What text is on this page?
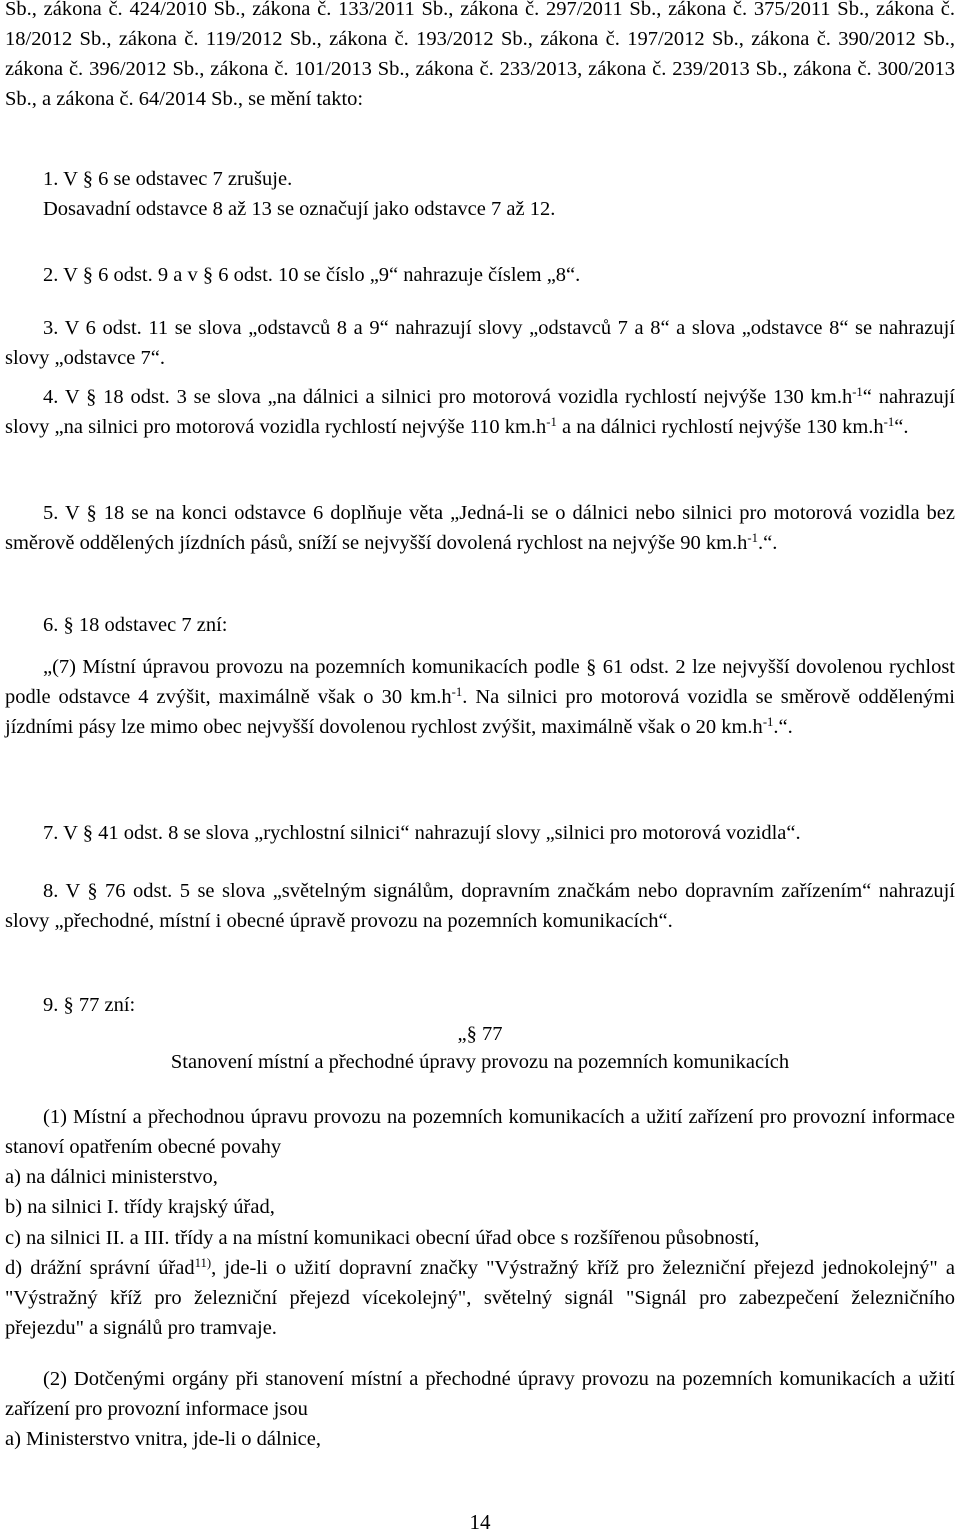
Sb., zákona č. 424/2010 Sb., zákona č. 133/2011 Sb., zákona č. 297/2011 Sb., zákona č. 375/2011 Sb., zákona č. 18/2012 Sb., zákona č. 119/2012 Sb., zákona č. 193/2012 Sb., zákona č. 197/2012 Sb., zákona č. 390/2012 Sb., zákona č. 396/2012 Sb., zákona č. 101/2013 Sb., zákona č. 233/2013, zákona č. 239/2013 Sb., zákona č. 300/2013 Sb., a zákona č. 64/2014 Sb., se mění takto:

1. V § 6 se odstavec 7 zrušuje.
Dosavadní odstavce 8 až 13 se označují jako odstavce 7 až 12.

2. V § 6 odst. 9 a v § 6 odst. 10 se číslo „9“ nahrazuje číslem „8“.

3. V 6 odst. 11 se slova „odstavců 8 a 9“ nahrazují slovy „odstavců 7 a 8“ a slova „odstavce 8“ se nahrazují slovy „odstavce 7“.

4. V § 18 odst. 3 se slova „na dálnici a silnici pro motorová vozidla rychlostí nejvýše 130 $km.h^{-1}“$ nahrazují slovy „na silnici pro motorová vozidla rychlostí nejvýše 110 $km.h^{-1}$ a na dálnici rychlostí nejvýše 130 $km.h^{-1}“$.

5. V § 18 se na konci odstavce 6 doplňuje věta „Jedná-li se o dálnici nebo silnici pro motorová vozidla bez směrově oddělených jízdních pásů, sníží se nejvyšší dovolená rychlost na nejvýše 90 $km.h^{-1}.“$.

6. § 18 odstavec 7 zní:

„(7) Místní úpravou provozu na pozemních komunikacích podle § 61 odst. 2 lze nejvyšší dovolenou rychlost podle odstavce 4 zvýšit, maximálně však o 30 $km.h^{-1}$. Na silnici pro motorová vozidla se směrově oddělenými jízdními pásy lze mimo obec nejvyšší dovolenou rychlost zvýšit, maximálně však o 20 $km.h^{-1}.“$.

7. V § 41 odst. 8 se slova „rychlostní silnici“ nahrazují slovy „silnici pro motorová vozidla“.

8. V § 76 odst. 5 se slova „světelným signálům, dopravním značkám nebo dopravním zařízením“ nahrazují slovy „přechodné, místní i obecné úpravě provozu na pozemních komunikacích“.

9. § 77 zní:

„§ 77

Stanovení místní a přechodné úpravy provozu na pozemních komunikacích

(1) Místní a přechodnou úpravu provozu na pozemních komunikacích a užití zařízení pro provozní informace stanoví opatřením obecné povahy
a) na dálnici ministerstvo,
b) na silnici I. třídy krajský úřad,
c) na silnici II. a III. třídy a na místní komunikaci obecní úřad obce s rozšířenou působností,
d) drážní správní úřad$^{11)}$, jde-li o užití dopravní značky "Výstražný kříž pro železniční přejezd jednokolejný" a "Výstražný kříž pro železniční přejezd vícekolejný", světelný signál "Signál pro zabezpečení železničního přejezdu" a signálů pro tramvaje.
(2) Dotčenými orgány při stanovení místní a přechodné úpravy provozu na pozemních komunikacích a užití zařízení pro provozní informace jsou
a) Ministerstvo vnitra, jde-li o dálnice,
14
